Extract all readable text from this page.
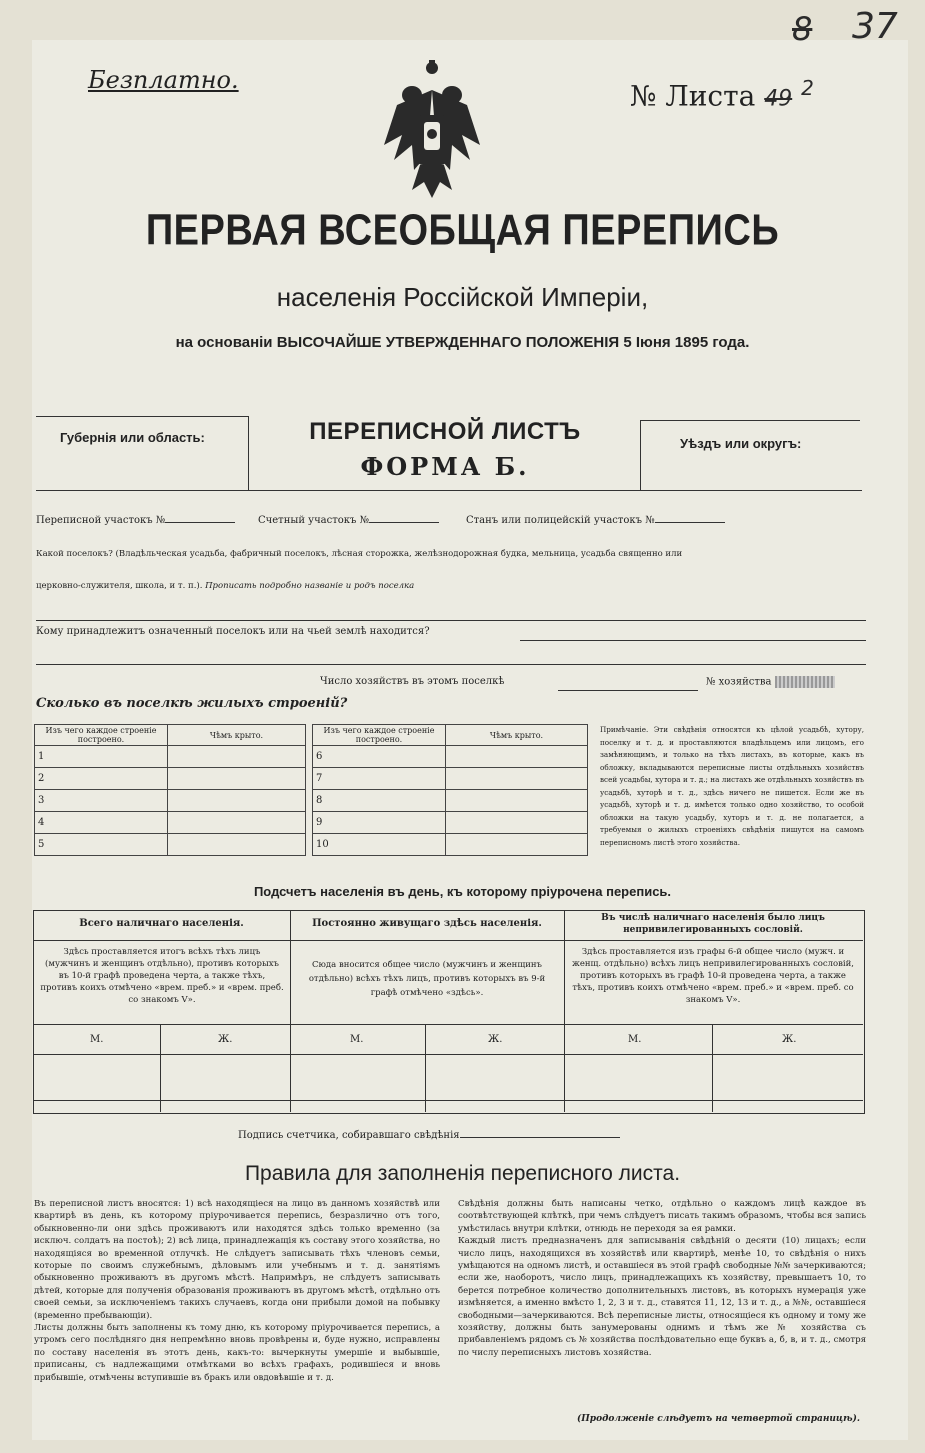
8 37
Безплатно.	№ Листа 49 $^2$
ПЕРВАЯ ВСЕОБЩАЯ ПЕРЕПИСЬ
населенія Россійской Имперіи,
на основаніи ВЫСОЧАЙШЕ УТВЕРЖДЕННАГО ПОЛОЖЕНІЯ 5 Іюня 1895 года.
Губернія или область:	ПЕРЕПИСНОЙ ЛИСТЪ
ФОРМА Б.
Уѣздъ или округъ:
Переписной участокъ №	Счетный участокъ №	Станъ или полицейскій участокъ №
Какой поселокъ? (Владѣльческая усадьба, фабричный поселокъ, лѣсная сторожка, желѣзнодорожная будка, мельница, усадьба священно или
церковно-служителя, школа, и т. п.). Прописать подробно названіе и родъ поселка
Кому принадлежитъ означенный поселокъ или на чьей землѣ находится?
Число хозяйствъ въ этомъ поселкѣ	№ хозяйства
Сколько въ поселкѣ жилыхъ строеній?
Изъ чего каждое строеніе построено.	Чѣмъ крыто.
1	
2	
3	
4	
5	
Изъ чего каждое строеніе построено.	Чѣмъ крыто.
6	
7	
8	
9	
10	
Примѣчаніе. Эти свѣдѣнія относятся къ цѣлой усадьбѣ, хутору, поселку и т. д. и проставляются владѣльцемъ или лицомъ, его замѣняющимъ, и только на тѣхъ листахъ, въ которые, какъ въ обложку, вкладываются переписные листы отдѣльныхъ хозяйствъ всей усадьбы, хутора и т. д.; на листахъ же отдѣльныхъ хозяйствъ въ усадьбѣ, хуторѣ и т. д., здѣсь ничего не пишется. Если же въ усадьбѣ, хуторѣ и т. д. имѣется только одно хозяйство, то особой обложки на такую усадьбу, хуторъ и т. д. не полагается, а требуемыя о жилыхъ строеніяхъ свѣдѣнія пишутся на самомъ переписномъ листѣ этого хозяйства.
Подсчетъ населенія въ день, къ которому пріурочена перепись.
Всего наличнаго населенія.	Постоянно живущаго здѣсь населенія.	Въ числѣ наличнаго населенія было лицъ непривилегированныхъ сословій.
Здѣсь проставляется итогъ всѣхъ тѣхъ лицъ (мужчинъ и женщинъ отдѣльно), противъ которыхъ въ 10-й графѣ проведена черта, а также тѣхъ, противъ коихъ отмѣчено «врем. преб.» и «врем. преб. со знакомъ V».
Сюда вносится общее число (мужчинъ и женщинъ отдѣльно) всѣхъ тѣхъ лицъ, противъ которыхъ въ 9-й графѣ отмѣчено «здѣсь».
Здѣсь проставляется изъ графы 6-й общее число (мужч. и женщ. отдѣльно) всѣхъ лицъ непривилегированныхъ сословій, противъ которыхъ въ графѣ 10-й проведена черта, а также тѣхъ, противъ коихъ отмѣчено «врем. преб.» и «врем. преб. со знакомъ V».
М.	Ж.	М.	Ж.	М.	Ж.
Подпись счетчика, собиравшаго свѣдѣнія
Правила для заполненія переписного листа.
Въ переписной листъ вносятся: 1) всѣ находящіеся на лицо въ данномъ хозяйствѣ или квартирѣ въ день, къ которому пріурочивается перепись, безразлично отъ того, обыкновенно-ли они здѣсь проживаютъ или находятся здѣсь только временно (за исключ. солдатъ на постоѣ); 2) всѣ лица, принадлежащія къ составу этого хозяйства, но находящіяся во временной отлучкѣ. Не слѣдуетъ записывать тѣхъ членовъ семьи, которые по своимъ служебнымъ, дѣловымъ или учебнымъ и т. д. занятіямъ обыкновенно проживаютъ въ другомъ мѣстѣ. Напримѣръ, не слѣдуетъ записывать дѣтей, которые для полученія образованія проживаютъ въ другомъ мѣстѣ, отдѣльно отъ своей семьи, за исключеніемъ такихъ случаевъ, когда они прибыли домой на побывку (временно пребывающіи).
Листы должны быть заполнены къ тому дню, къ которому пріурочивается перепись, а утромъ сего послѣдняго дня непремѣнно вновь провѣрены и, буде нужно, исправлены по составу населенія въ этотъ день, какъ-то: вычеркнуты умершіе и выбывшіе, приписаны, съ надлежащими отмѣтками во всѣхъ графахъ, родившіеся и вновь прибывшіе, отмѣчены вступившіе въ бракъ или овдовѣвшіе и т. д.
Свѣдѣнія должны быть написаны четко, отдѣльно о каждомъ лицѣ каждое въ соотвѣтствующей клѣткѣ, при чемъ слѣдуетъ писать такимъ образомъ, чтобы вся запись умѣстилась внутри клѣтки, отнюдь не переходя за ея рамки.
Каждый листъ предназначенъ для записыванія свѣдѣній о десяти (10) лицахъ; если число лицъ, находящихся въ хозяйствѣ или квартирѣ, менѣе 10, то свѣдѣнія о нихъ умѣщаются на одномъ листѣ, и оставшіеся въ этой графѣ свободные №№ зачеркиваются; если же, наоборотъ, число лицъ, принадлежащихъ къ хозяйству, превышаетъ 10, то берется потребное количество дополнительныхъ листовъ, въ которыхъ нумерація уже измѣняется, а именно вмѣсто 1, 2, 3 и т. д., ставятся 11, 12, 13 и т. д., а №№, оставшіеся свободными—зачеркиваются. Всѣ переписные листы, относящіеся къ одному и тому же хозяйству, должны быть занумерованы однимъ и тѣмъ же № хозяйства съ прибавленіемъ рядомъ съ № хозяйства послѣдовательно еще буквъ а, б, в, и т. д., смотря по числу переписныхъ листовъ хозяйства.
(Продолженіе слѣдуетъ на четвертой страницѣ).
